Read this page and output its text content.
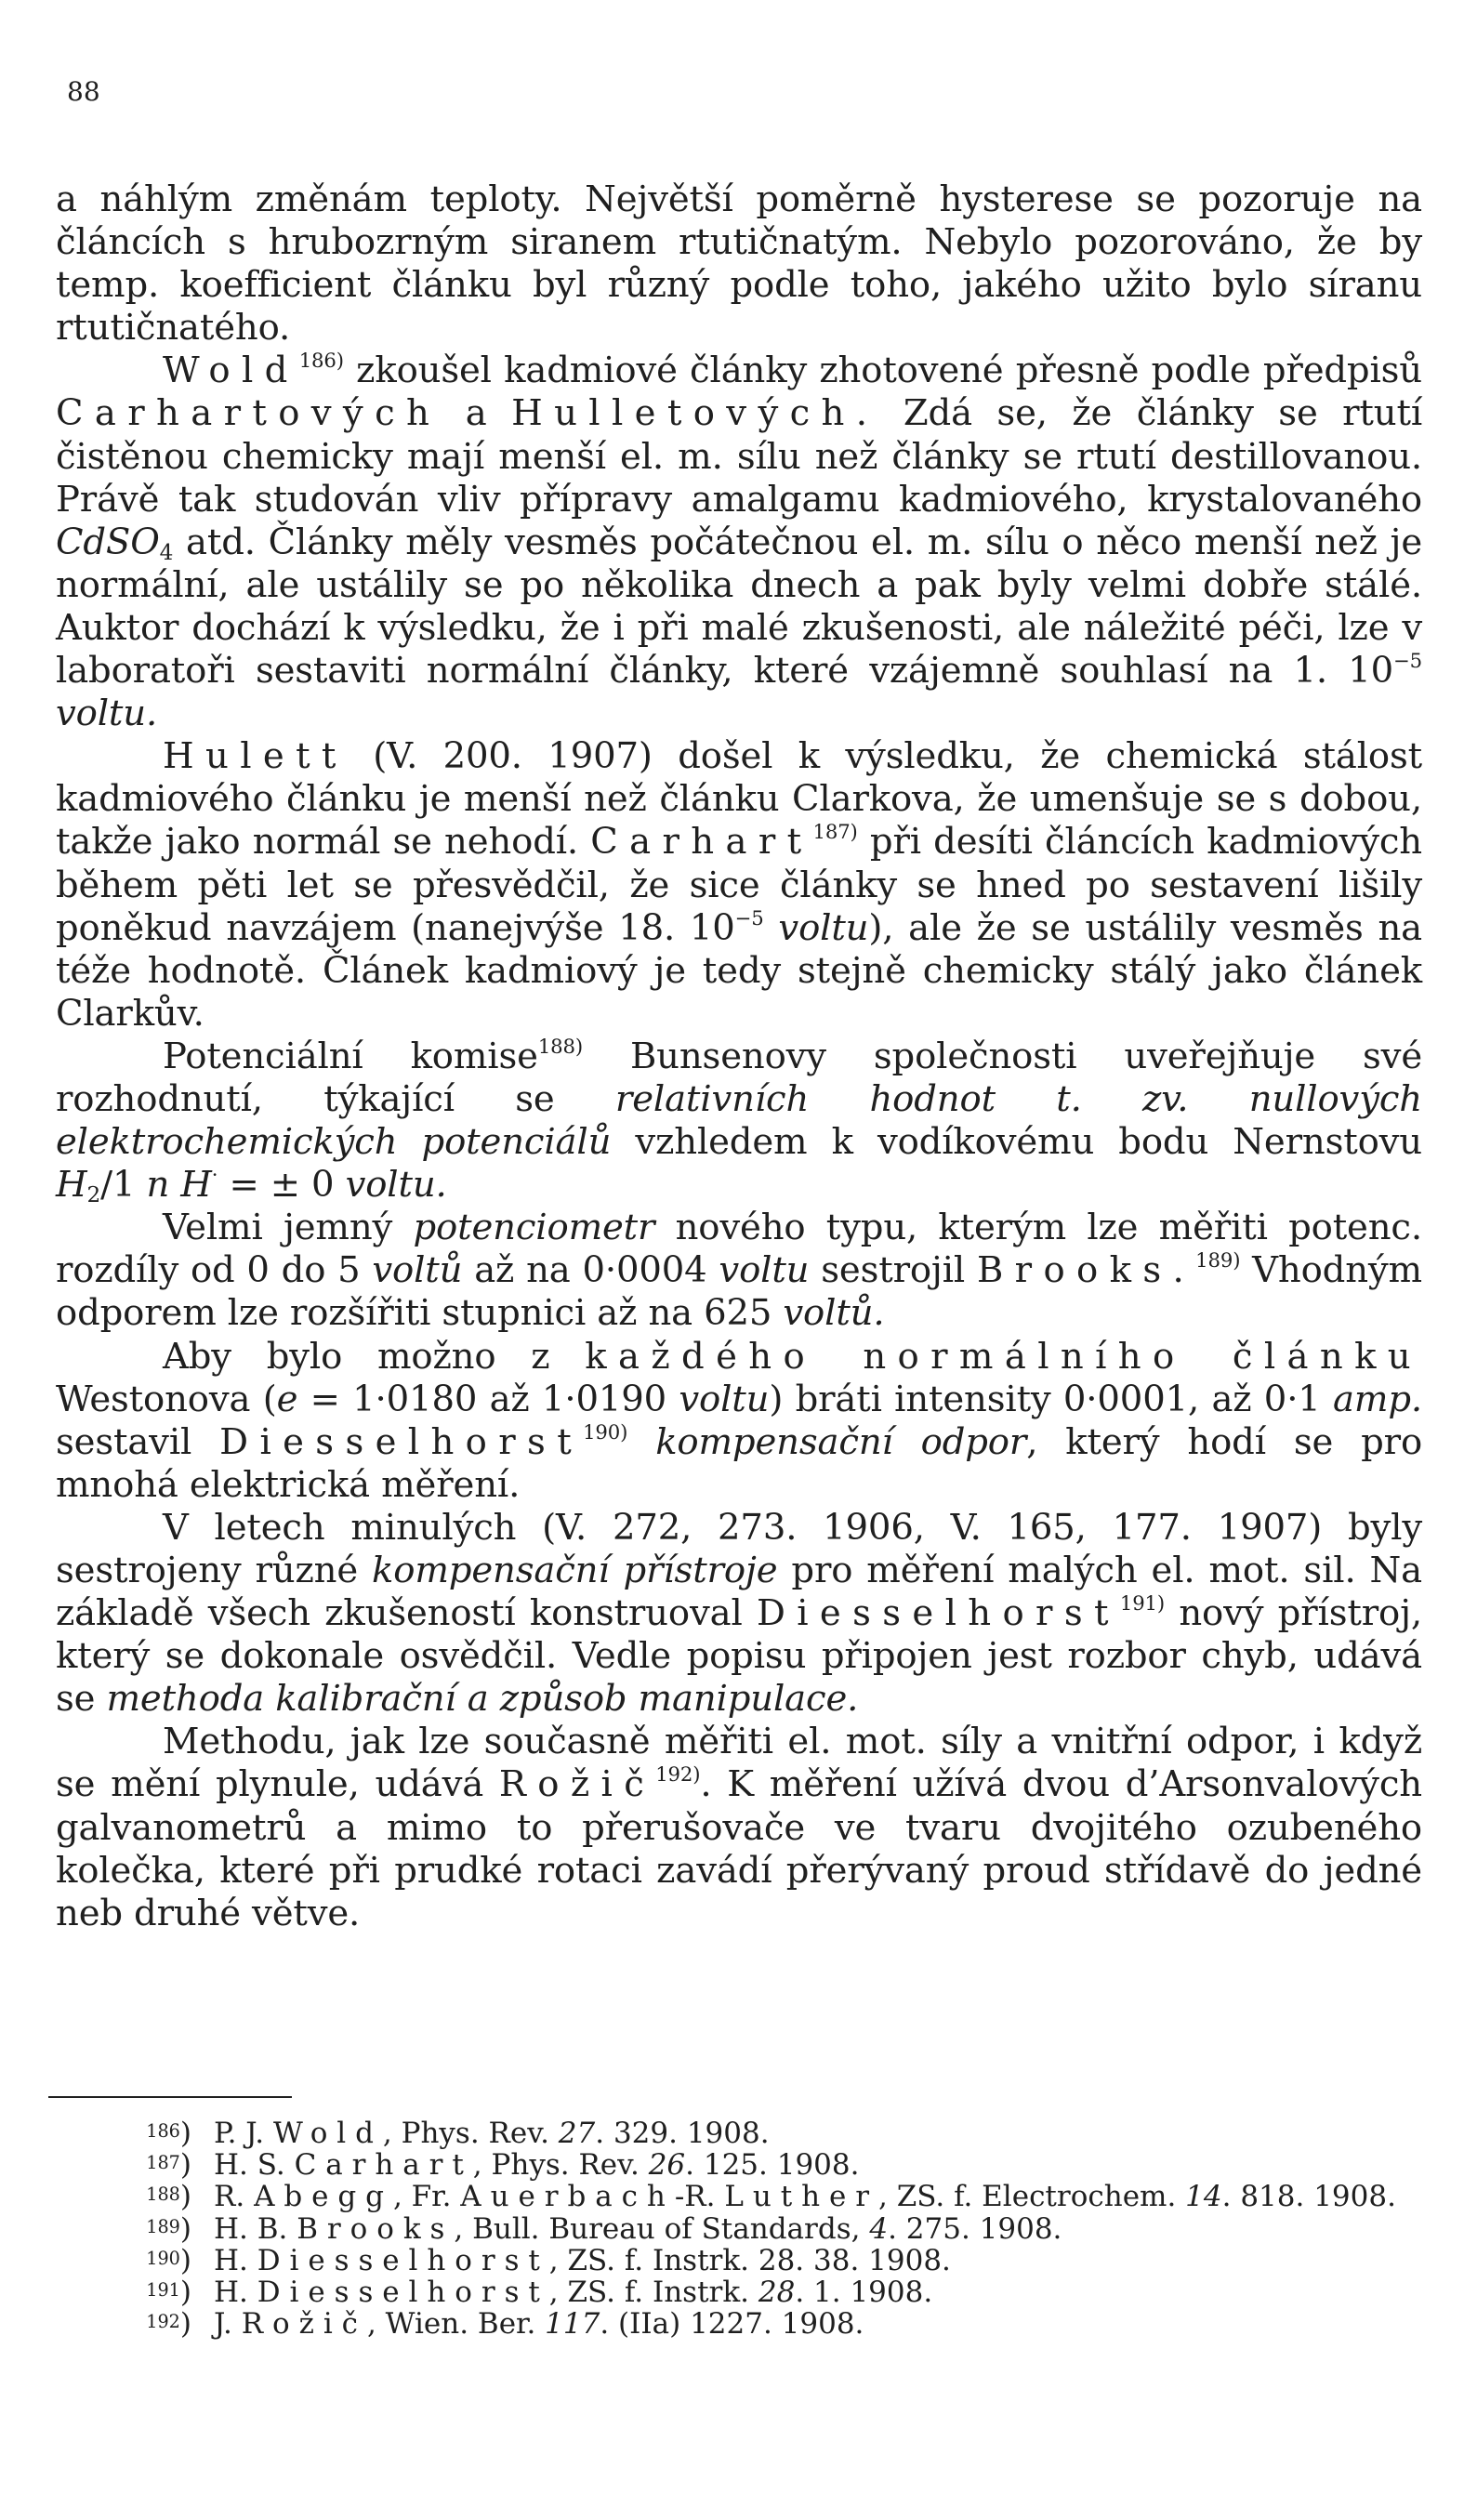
88

a náhlým změnám teploty. Největší poměrně hysterese se pozoruje na článcích s hrubozrným siranem rtutičnatým. Nebylo pozorováno, že by temp. koefficient článku byl různý podle toho, jakého užito bylo síranu rtutičnatého.

Wold$^{186)}$ zkoušel kadmiové články zhotovené přesně podle předpisů Carhartových a Hulletových. Zdá se, že články se rtutí čistěnou chemicky mají menší el. m. sílu než články se rtutí destillovanou. Právě tak studován vliv přípravy amalgamu kadmiového, krystalovaného CdSO$_4$ atd. Články měly vesměs počátečnou el. m. sílu o něco menší než je normální, ale ustálily se po několika dnech a pak byly velmi dobře stálé. Auktor dochází k výsledku, že i při malé zkušenosti, ale náležité péči, lze v laboratoři sestaviti normální články, které vzájemně souhlasí na 1. $10^{-5}$ voltu.

Hulett (V. 200. 1907) došel k výsledku, že chemická stálost kadmiového článku je menší než článku Clarkova, že umenšuje se s dobou, takže jako normál se nehodí. Carhart$^{187)}$ při desíti článcích kadmiových během pěti let se přesvědčil, že sice články se hned po sestavení lišily poněkud navzájem (nanejvýše 18. $10^{-5}$ voltu), ale že se ustálily vesměs na téže hodnotě. Článek kadmiový je tedy stejně chemicky stálý jako článek Clarkův.

Potenciální komise$^{188)}$ Bunsenovy společnosti uveřejňuje své rozhodnutí, týkající se relativních hodnot t. zv. nullových elektrochemických potenciálů vzhledem k vodíkovému bodu Nernstovu $H_2/1$ n H· = ± 0 voltu.

Velmi jemný potenciometr nového typu, kterým lze měřiti potenc. rozdíly od 0 do 5 voltů až na 0·0004 voltu sestrojil Brooks.$^{189)}$ Vhodným odporem lze rozšířiti stupnici až na 625 voltů.

Aby bylo možno z každého normálního článku Westonova (e = 1·0180 až 1·0190 voltu) bráti intensity 0·0001, až 0·1 amp. sestavil Diesselhorst$^{190)}$ kompensační odpor, který hodí se pro mnohá elektrická měření.

V letech minulých (V. 272, 273. 1906, V. 165, 177. 1907) byly sestrojeny různé kompensační přístroje pro měření malých el. mot. sil. Na základě všech zkušeností konstruoval Diesselhorst$^{191)}$ nový přístroj, který se dokonale osvědčil. Vedle popisu připojen jest rozbor chyb, udává se methoda kalibrační a způsob manipulace.

Methodu, jak lze současně měřiti el. mot. síly a vnitřní odpor, i když se mění plynule, udává Rožič$^{192)}$. K měření užívá dvou d’Arsonvalových galvanometrů a mimo to přerušovače ve tvaru dvojitého ozubeného kolečka, které při prudké rotaci zavádí přerývaný proud střídavě do jedné neb druhé větve.

$^{186}$) P. J. Wold, Phys. Rev. 27. 329. 1908.

$^{187}$) H. S. Carhart, Phys. Rev. 26. 125. 1908.

$^{188}$) R. Abegg, Fr. Auerbach-R. Luther, ZS. f. Electrochem. 14. 818. 1908.

$^{189}$) H. B. Brooks, Bull. Bureau of Standards, 4. 275. 1908.

$^{190}$) H. Diesselhorst, ZS. f. Instrk. 28. 38. 1908.

$^{191}$) H. Diesselhorst, ZS. f. Instrk. 28. 1. 1908.

$^{192}$) J. Rožič, Wien. Ber. 117. (IIa) 1227. 1908.
